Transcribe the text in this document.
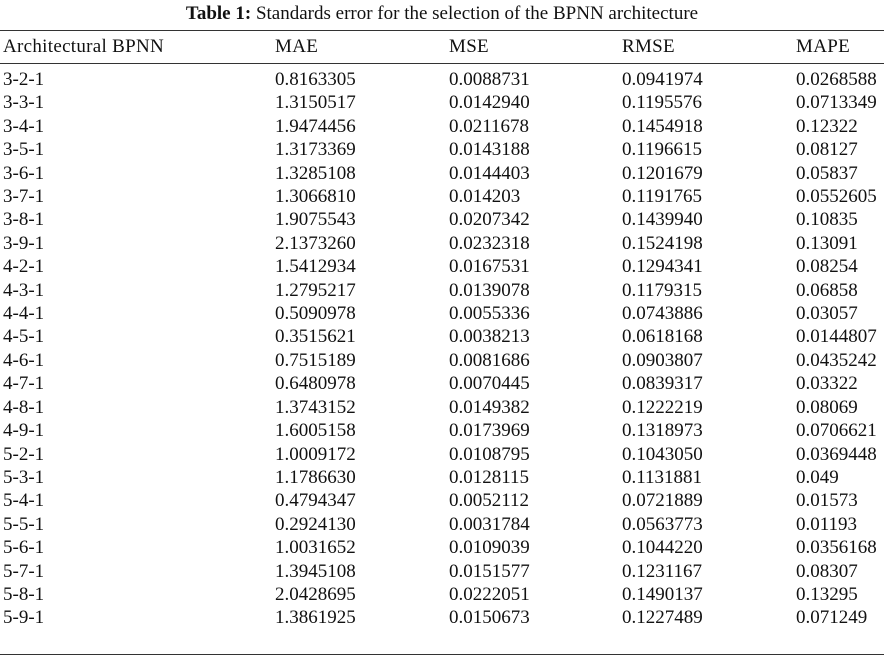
Table 1: Standards error for the selection of the BPNN architecture
Architectural BPNN	MAE	MSE	RMSE	MAPE
3-2-1	0.8163305	0.0088731	0.0941974	0.0268588
3-3-1	1.3150517	0.0142940	0.1195576	0.0713349
3-4-1	1.9474456	0.0211678	0.1454918	0.12322
3-5-1	1.3173369	0.0143188	0.1196615	0.08127
3-6-1	1.3285108	0.0144403	0.1201679	0.05837
3-7-1	1.3066810	0.014203	0.1191765	0.0552605
3-8-1	1.9075543	0.0207342	0.1439940	0.10835
3-9-1	2.1373260	0.0232318	0.1524198	0.13091
4-2-1	1.5412934	0.0167531	0.1294341	0.08254
4-3-1	1.2795217	0.0139078	0.1179315	0.06858
4-4-1	0.5090978	0.0055336	0.0743886	0.03057
4-5-1	0.3515621	0.0038213	0.0618168	0.0144807
4-6-1	0.7515189	0.0081686	0.0903807	0.0435242
4-7-1	0.6480978	0.0070445	0.0839317	0.03322
4-8-1	1.3743152	0.0149382	0.1222219	0.08069
4-9-1	1.6005158	0.0173969	0.1318973	0.0706621
5-2-1	1.0009172	0.0108795	0.1043050	0.0369448
5-3-1	1.1786630	0.0128115	0.1131881	0.049
5-4-1	0.4794347	0.0052112	0.0721889	0.01573
5-5-1	0.2924130	0.0031784	0.0563773	0.01193
5-6-1	1.0031652	0.0109039	0.1044220	0.0356168
5-7-1	1.3945108	0.0151577	0.1231167	0.08307
5-8-1	2.0428695	0.0222051	0.1490137	0.13295
5-9-1	1.3861925	0.0150673	0.1227489	0.071249
